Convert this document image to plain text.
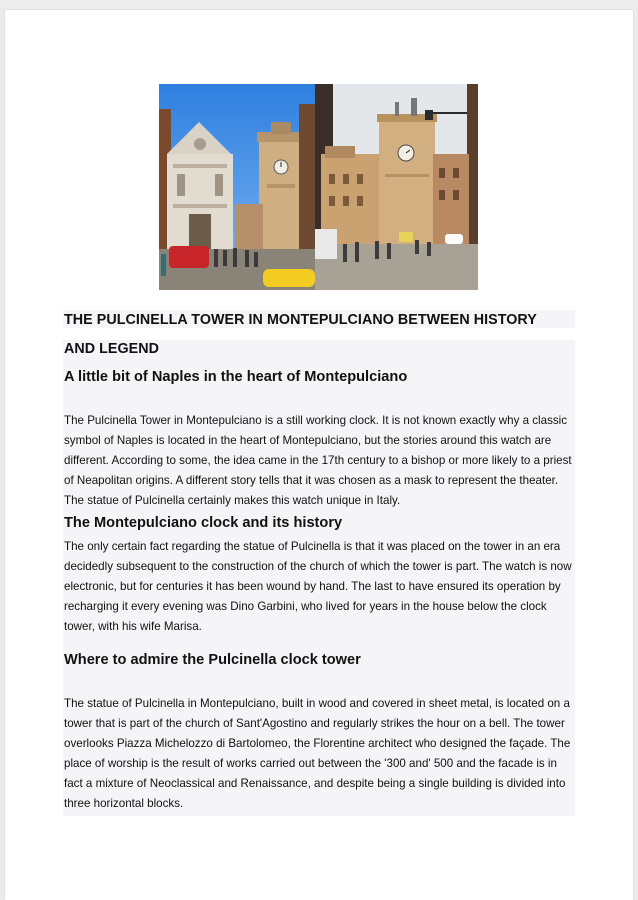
THE PULCINELLA TOWER IN MONTEPULCIANO BETWEEN HISTORY
AND LEGEND
A little bit of Naples in the heart of Montepulciano
The Pulcinella Tower in Montepulciano is a still working clock. It is not known exactly why a classic symbol of Naples is located in the heart of Montepulciano, but the stories around this watch are different. According to some, the idea came in the 17th century to a bishop or more likely to a priest of Neapolitan origins. A different story tells that it was chosen as a mask to represent the theater. The statue of Pulcinella certainly makes this watch unique in Italy.
The Montepulciano clock and its history
The only certain fact regarding the statue of Pulcinella is that it was placed on the tower in an era decidedly subsequent to the construction of the church of which the tower is part. The watch is now electronic, but for centuries it has been wound by hand. The last to have ensured its operation by recharging it every evening was Dino Garbini, who lived for years in the house below the clock tower, with his wife Marisa.
Where to admire the Pulcinella clock tower
The statue of Pulcinella in Montepulciano, built in wood and covered in sheet metal, is located on a tower that is part of the church of Sant'Agostino and regularly strikes the hour on a bell. The tower overlooks Piazza Michelozzo di Bartolomeo, the Florentine architect who designed the façade. The place of worship is the result of works carried out between the '300 and' 500 and the facade is in fact a mixture of Neoclassical and Renaissance, and despite being a single building is divided into three horizontal blocks.
